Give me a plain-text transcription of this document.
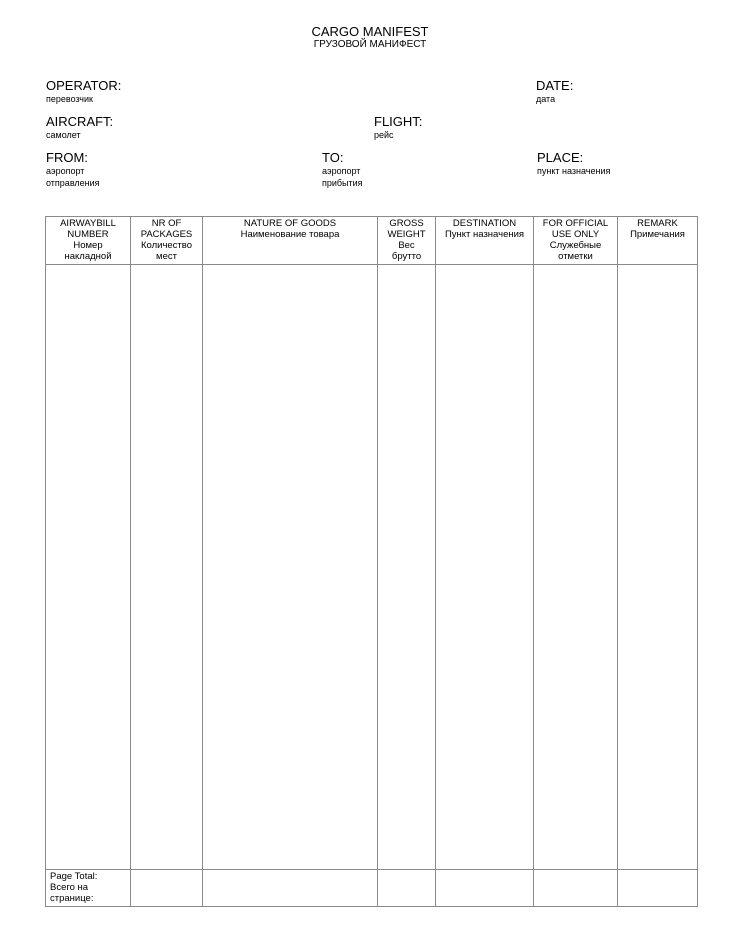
CARGO MANIFEST
ГРУЗОВОЙ МАНИФЕСТ
OPERATOR:
перевозчик
DATE:
дата
AIRCRAFT:
самолет
FLIGHT:
рейс
FROM:
аэропорт
отправления
TO:
аэропорт
прибытия
PLACE:
пункт назначения
AIRWAYBILL
NUMBER
Номер
накладной	NR OF
PACKAGES
Количество
мест	NATURE OF GOODS
Наименование товара	GROSS
WEIGHT
Вес
брутто	DESTINATION
Пункт назначения	FOR OFFICIAL
USE ONLY
Служебные
отметки	REMARK
Примечания

Page Total:
Всего на
странице:						
